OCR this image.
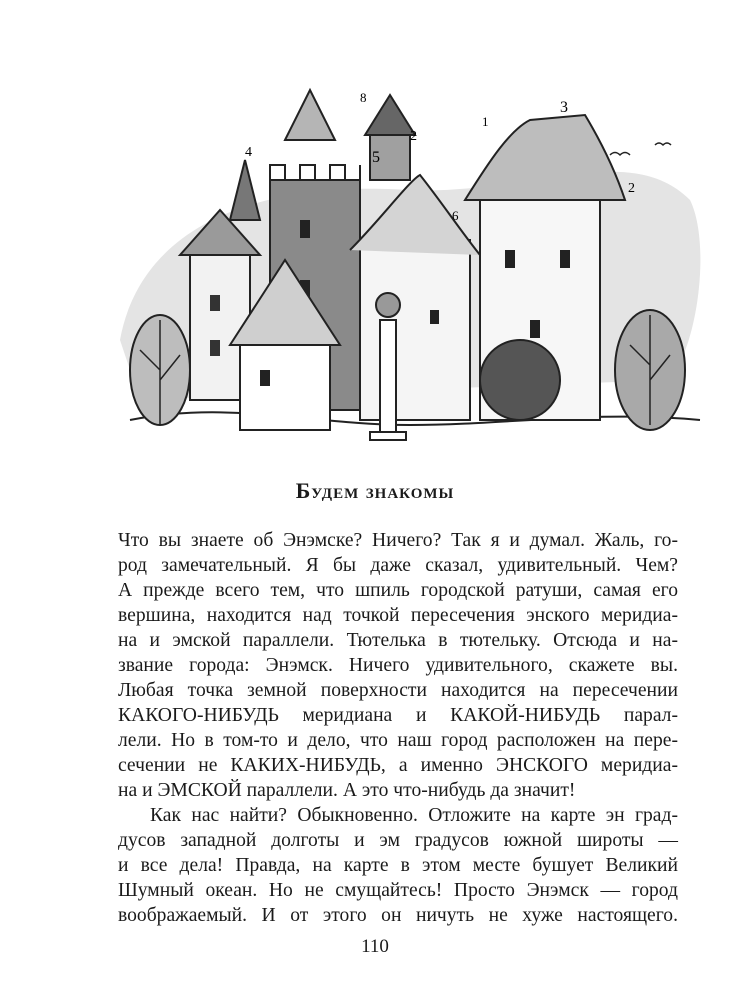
4
8
5
2
3
1
6
2
Будем знакомы

Что вы знаете об Энэмске? Ничего? Так я и думал. Жаль, го-
род замечательный. Я бы даже сказал, удивительный. Чем?
А прежде всего тем, что шпиль городской ратуши, самая его
вершина, находится над точкой пересечения энского меридиа-
на и эмской параллели. Тютелька в тютельку. Отсюда и на-
звание города: Энэмск. Ничего удивительного, скажете вы.
Любая точка земной поверхности находится на пересечении
КАКОГО-НИБУДЬ меридиана и КАКОЙ-НИБУДЬ парал-
лели. Но в том-то и дело, что наш город расположен на пере-
сечении не КАКИХ-НИБУДЬ, а именно ЭНСКОГО меридиа-
на и ЭМСКОЙ параллели. А это что-нибудь да значит!

Как нас найти? Обыкновенно. Отложите на карте эн град-
дусов западной долготы и эм градусов южной широты —
и все дела! Правда, на карте в этом месте бушует Великий
Шумный океан. Но не смущайтесь! Просто Энэмск — город
воображаемый. И от этого он ничуть не хуже настоящего.

110
